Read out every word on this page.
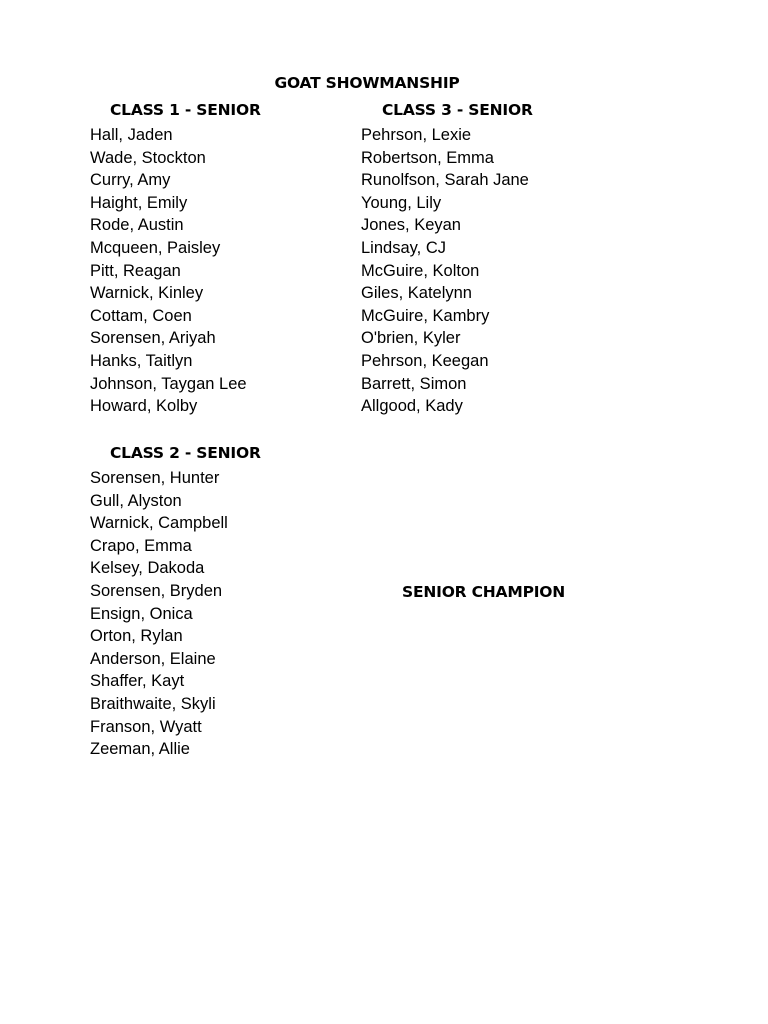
GOAT SHOWMANSHIP
CLASS 1 - SENIOR
Hall, Jaden
Wade, Stockton
Curry, Amy
Haight, Emily
Rode, Austin
Mcqueen, Paisley
Pitt, Reagan
Warnick, Kinley
Cottam, Coen
Sorensen, Ariyah
Hanks, Taitlyn
Johnson, Taygan Lee
Howard, Kolby
CLASS 3 - SENIOR
Pehrson, Lexie
Robertson, Emma
Runolfson, Sarah Jane
Young, Lily
Jones, Keyan
Lindsay, CJ
McGuire, Kolton
Giles, Katelynn
McGuire, Kambry
O'brien, Kyler
Pehrson, Keegan
Barrett, Simon
Allgood, Kady
CLASS 2 - SENIOR
Sorensen, Hunter
Gull, Alyston
Warnick, Campbell
Crapo, Emma
Kelsey, Dakoda
Sorensen, Bryden
Ensign, Onica
Orton, Rylan
Anderson, Elaine
Shaffer, Kayt
Braithwaite, Skyli
Franson, Wyatt
Zeeman, Allie
SENIOR CHAMPION
